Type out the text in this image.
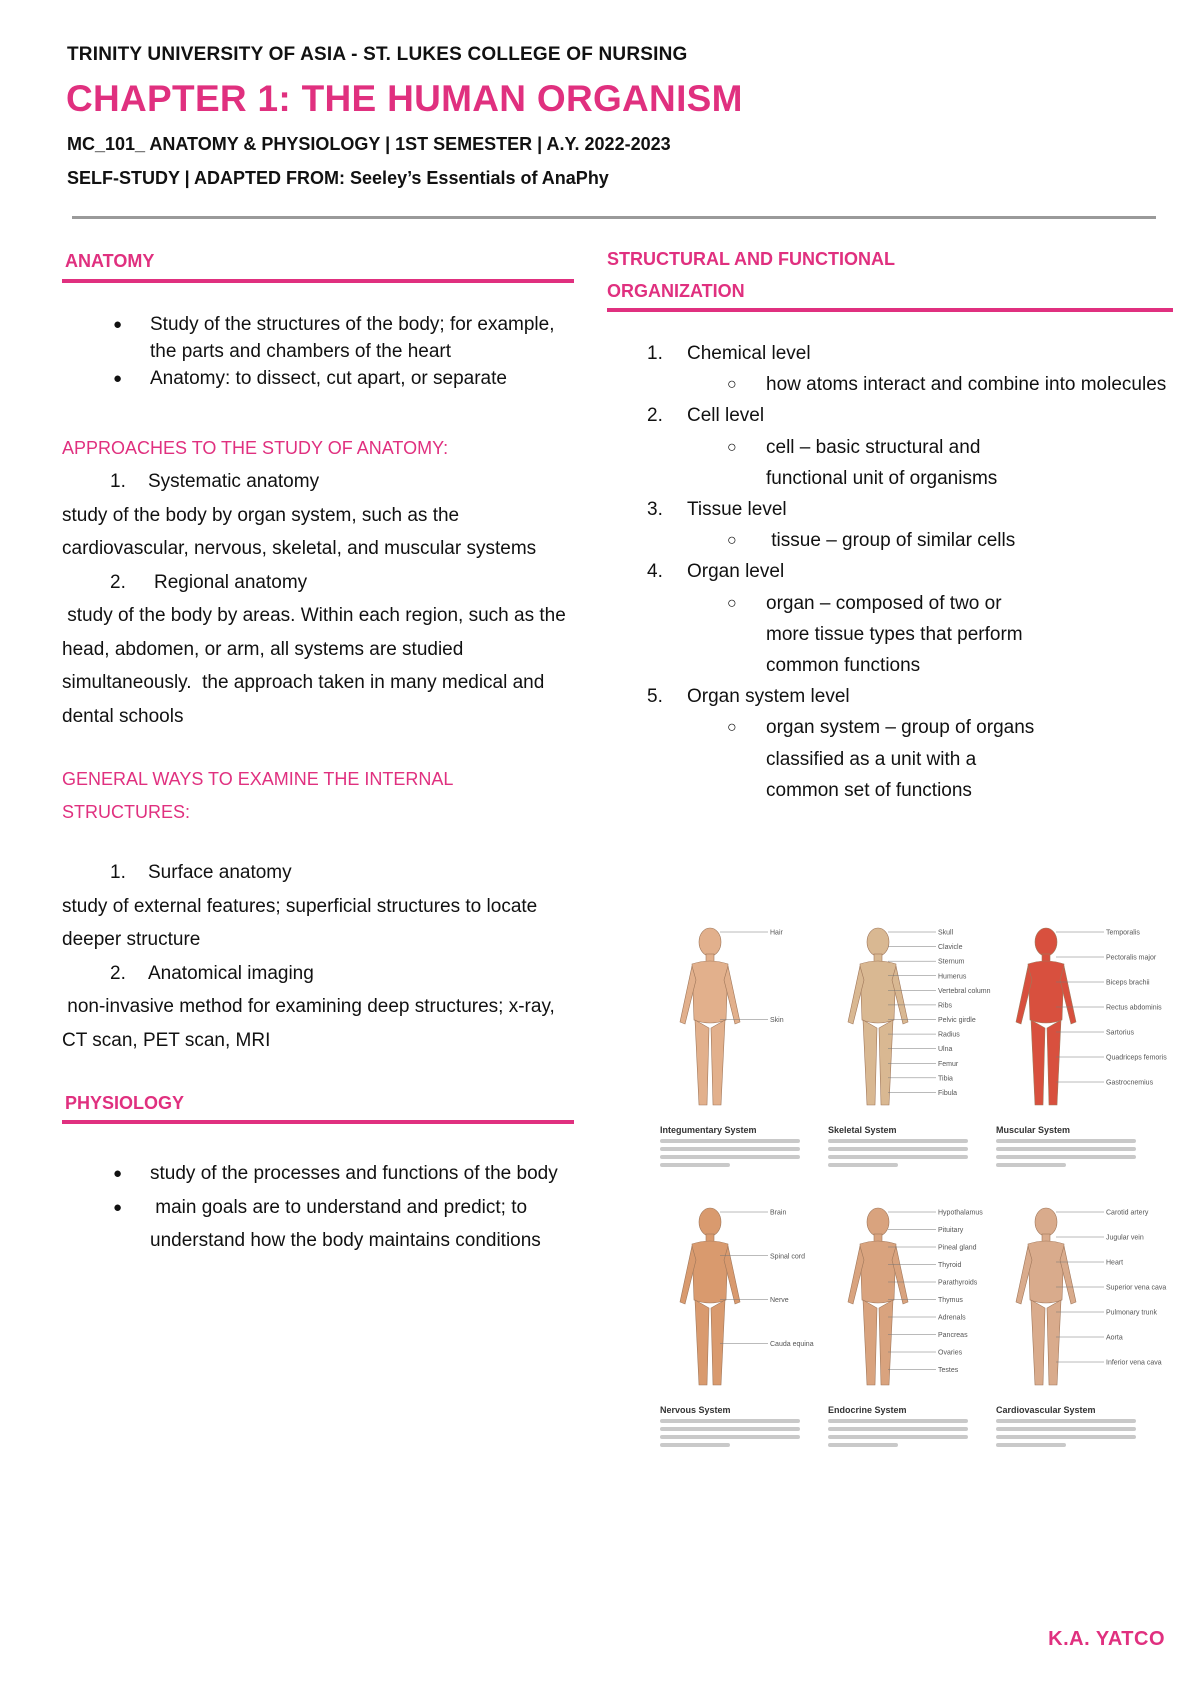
TRINITY UNIVERSITY OF ASIA - ST. LUKES COLLEGE OF NURSING
CHAPTER 1: THE HUMAN ORGANISM
MC_101_ ANATOMY & PHYSIOLOGY | 1ST SEMESTER | A.Y. 2022-2023
SELF-STUDY | ADAPTED FROM: Seeley’s Essentials of AnaPhy
ANATOMY
● Study of the structures of the body; for example, the parts and chambers of the heart
● Anatomy: to dissect, cut apart, or separate
APPROACHES TO THE STUDY OF ANATOMY:
1. Systematic anatomy
study of the body by organ system, such as the cardiovascular, nervous, skeletal, and muscular systems
2. Regional anatomy
study of the body by areas. Within each region, such as the head, abdomen, or arm, all systems are studied simultaneously.  the approach taken in many medical and dental schools
GENERAL WAYS TO EXAMINE THE INTERNAL STRUCTURES:
1. Surface anatomy
study of external features; superficial structures to locate deeper structure
2. Anatomical imaging
non-invasive method for examining deep structures; x-ray, CT scan, PET scan, MRI
PHYSIOLOGY
● study of the processes and functions of the body
● main goals are to understand and predict; to understand how the body maintains conditions
STRUCTURAL AND FUNCTIONAL ORGANIZATION
1. Chemical level
○ how atoms interact and combine into molecules
2. Cell level
○ cell – basic structural and functional unit of organisms
3. Tissue level
○ tissue – group of similar cells
4. Organ level
○ organ – composed of two or more tissue types that perform common functions
5. Organ system level
○ organ system – group of organs classified as a unit with a common set of functions
Hair
Skin
Integumentary System
Skull
Clavicle
Sternum
Humerus
Vertebral column
Ribs
Pelvic girdle
Radius
Ulna
Femur
Tibia
Fibula
Skeletal System
Temporalis
Pectoralis major
Biceps brachii
Rectus abdominis
Sartorius
Quadriceps femoris
Gastrocnemius
Muscular System
Brain
Spinal cord
Nerve
Cauda equina
Nervous System
Hypothalamus
Pituitary
Pineal gland
Thyroid
Parathyroids
Thymus
Adrenals
Pancreas
Ovaries
Testes
Endocrine System
Carotid artery
Jugular vein
Heart
Superior vena cava
Pulmonary trunk
Aorta
Inferior vena cava
Cardiovascular System
K.A. YATCO
